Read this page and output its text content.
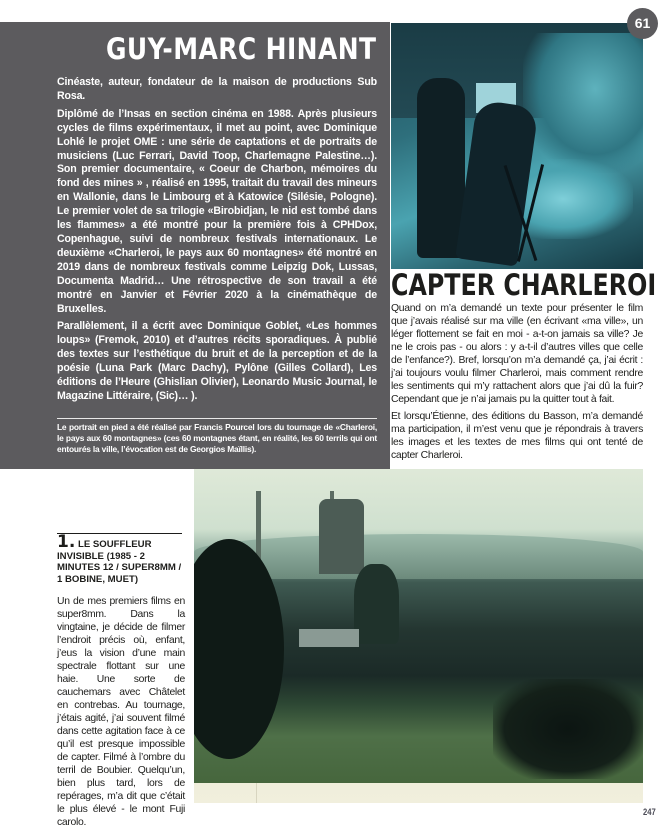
GUY-MARC HINANT

Cinéaste, auteur, fondateur de la maison de productions Sub Rosa.

Diplômé de l’Insas en section cinéma en 1988. Après plusieurs cycles de films expérimentaux, il met au point, avec Dominique Lohlé le projet OME : une série de captations et de portraits de musiciens (Luc Ferrari, David Toop, Charlemagne Palestine…). Son premier documentaire, « Coeur de Charbon, mémoires du fond des mines » , réalisé en 1995, traitait du travail des mineurs en Wallonie, dans le Limbourg et à Katowice (Silésie, Pologne). Le premier volet de sa trilogie «Birobidjan, le nid est tombé dans les flammes» a été montré pour la première fois à CPHDox, Copenhague, suivi de nombreux festivals internationaux. Le deuxième «Charleroi, le pays aux 60 montagnes» été montré en 2019 dans de nombreux festivals comme Leipzig Dok, Lussas, Documenta Madrid… Une rétrospective de son travail a été montré en Janvier et Février 2020 à la cinémathèque de Bruxelles.

Parallèlement, il a écrit avec Dominique Goblet, «Les hommes loups» (Fremok, 2010) et d’autres récits sporadiques. À publié des textes sur l’esthétique du bruit et de la perception et de la poésie (Luna Park (Marc Dachy), Pylône (Gilles Collard), Les éditions de l’Heure (Ghislian Olivier), Leonardo Music Journal, le Magazine Littéraire, (Sic)… ).

Le portrait en pied a été réalisé par Francis Pourcel lors du tournage de «Charleroi, le pays aux 60 montagnes» (ces 60 montagnes étant, en réalité, les 60 terrils qui ont entourés la ville, l’évocation est de Georgios Maïllis).

61
CAPTER CHARLEROI

Quand on m’a demandé un texte pour présenter le film que j’avais réalisé sur ma ville (en écrivant «ma ville», un léger flottement se fait en moi - a-t-on jamais sa ville? Je ne le crois pas - ou alors : y a-t-il d’autres villes que celle de l’enfance?). Bref, lorsqu’on m’a demandé ça, j’ai écrit : j’ai toujours voulu filmer Charleroi, mais comment rendre les sentiments qui m’y rattachent alors que j’ai dû la fuir? Cependant que je n’ai jamais pu la quitter tout à fait.

Et lorsqu’Étienne, des éditions du Basson, m’a demandé ma participation, il m’est venu que je répondrais à travers les images et les textes de mes films qui ont tenté de capter Charleroi.

1. LE SOUFFLEUR INVISIBLE (1985 - 2 MINUTES 12 / SUPER8MM / 1 BOBINE, MUET)

Un de mes premiers films en super8mm. Dans la vingtaine, je décide de filmer l’endroit précis où, enfant, j’eus la vision d’une main spectrale flottant sur une haie. Une sorte de cauchemars avec Châtelet en contrebas. Au tournage, j’étais agité, j’ai souvent filmé dans cette agitation face à ce qu’il est presque impossible de capter. Filmé à l’ombre du terril de Boubier. Quelqu’un, bien plus tard, lors de repérages, m’a dit que c’était le plus élevé - le mont Fuji carolo.

247
